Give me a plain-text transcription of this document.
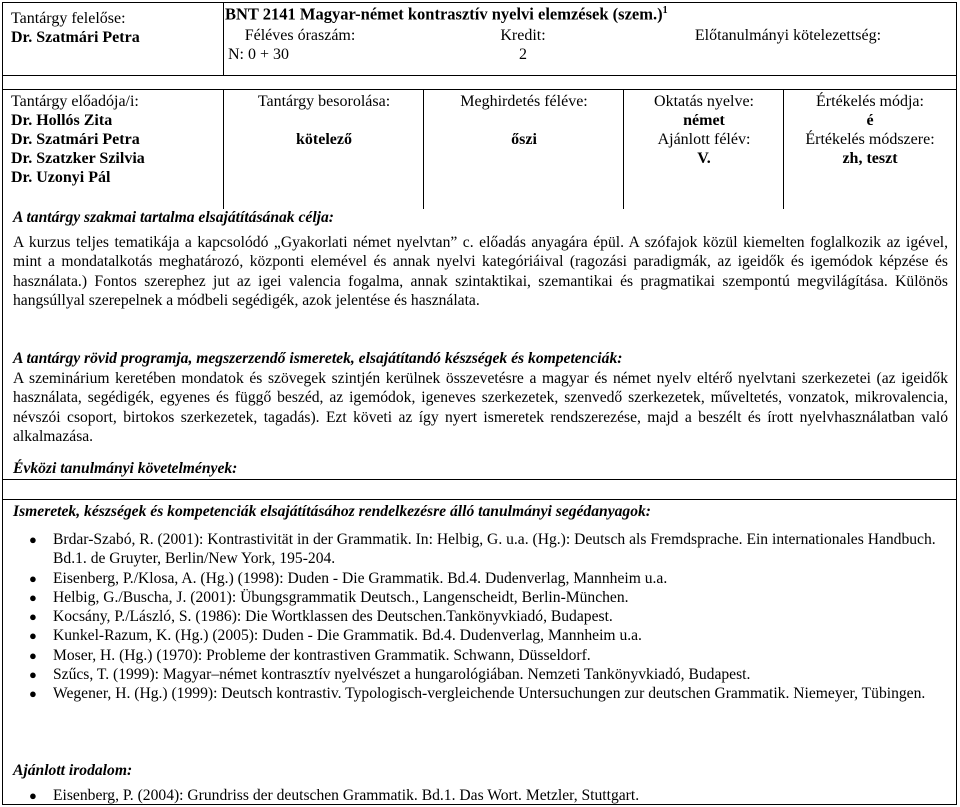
Tantárgy felelőse:
Dr. Szatmári Petra
BNT 2141 Magyar-német kontrasztív nyelvi elemzések (szem.)$^1$
Féléves óraszám:
N: 0 + 30
Kredit:
2
Előtanulmányi kötelezettség:
Tantárgy előadója/i:
Dr. Hollós Zita
Dr. Szatmári Petra
Dr. Szatzker Szilvia
Dr. Uzonyi Pál
Tantárgy besorolása:
kötelező
Meghirdetés féléve:
őszi
Oktatás nyelve:
német
Ajánlott félév:
V.
Értékelés módja:
é
Értékelés módszere:
zh, teszt
A tantárgy szakmai tartalma elsajátításának célja:
A kurzus teljes tematikája a kapcsolódó „Gyakorlati német nyelvtan” c. előadás anyagára épül. A szófajok közül kiemelten foglalkozik az igével, mint a mondatalkotás meghatározó, központi elemével és annak nyelvi kategóriáival (ragozási paradigmák, az igeidők és igemódok képzése és használata.) Fontos szerephez jut az igei valencia fogalma, annak szintaktikai, szemantikai és pragmatikai szempontú megvilágítása. Különös hangsúllyal szerepelnek a módbeli segédigék, azok jelentése és használata.
A tantárgy rövid programja, megszerzendő ismeretek, elsajátítandó készségek és kompetenciák:
A szeminárium keretében mondatok és szövegek szintjén kerülnek összevetésre a magyar és német nyelv eltérő nyelvtani szerkezetei (az igeidők használata, segédigék, egyenes és függő beszéd, az igemódok, igeneves szerkezetek, szenvedő szerkezetek, műveltetés, vonzatok, mikrovalencia, névszói csoport, birtokos szerkezetek, tagadás). Ezt követi az így nyert ismeretek rendszerezése, majd a beszélt és írott nyelvhasználatban való alkalmazása.
Évközi tanulmányi követelmények:
Ismeretek, készségek és kompetenciák elsajátításához rendelkezésre álló tanulmányi segédanyagok:
● Brdar-Szabó, R. (2001): Kontrastivität in der Grammatik. In: Helbig, G. u.a. (Hg.): Deutsch als Fremdsprache. Ein internationales Handbuch. Bd.1. de Gruyter, Berlin/New York, 195-204.
● Eisenberg, P./Klosa, A. (Hg.) (1998): Duden - Die Grammatik. Bd.4. Dudenverlag, Mannheim u.a.
● Helbig, G./Buscha, J. (2001): Übungsgrammatik Deutsch., Langenscheidt, Berlin-München.
● Kocsány, P./László, S. (1986): Die Wortklassen des Deutschen.Tankönyvkiadó, Budapest.
● Kunkel-Razum, K. (Hg.) (2005): Duden - Die Grammatik. Bd.4. Dudenverlag, Mannheim u.a.
● Moser, H. (Hg.) (1970): Probleme der kontrastiven Grammatik. Schwann, Düsseldorf.
● Szűcs, T. (1999): Magyar–német kontrasztív nyelvészet a hungarológiában. Nemzeti Tankönyvkiadó, Budapest.
● Wegener, H. (Hg.) (1999): Deutsch kontrastiv. Typologisch-vergleichende Untersuchungen zur deutschen Grammatik. Niemeyer, Tübingen.
Ajánlott irodalom:
● Eisenberg, P. (2004): Grundriss der deutschen Grammatik. Bd.1. Das Wort. Metzler, Stuttgart.
